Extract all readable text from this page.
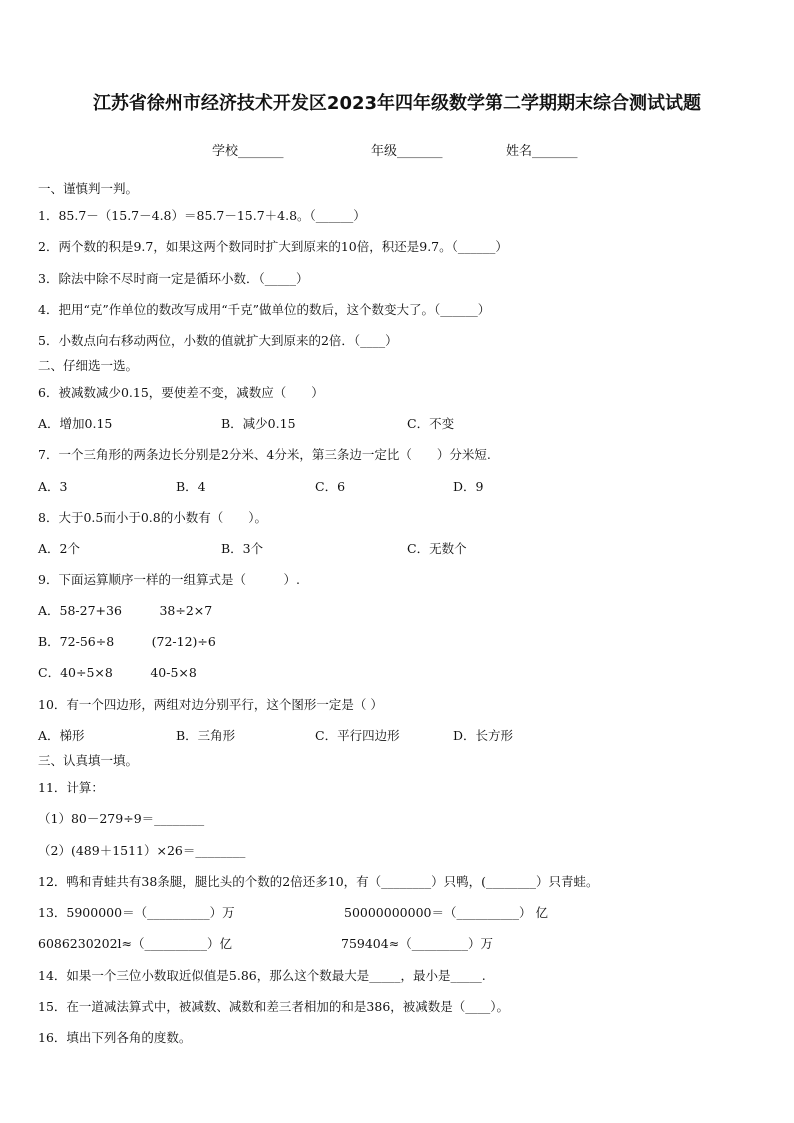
江苏省徐州市经济技术开发区2023年四年级数学第二学期期末综合测试试题
学校_______	年级_______	姓名_______
一、谨慎判一判。
1．85.7－（15.7－4.8）＝85.7－15.7＋4.8。（______）
2．两个数的积是9.7，如果这两个数同时扩大到原来的10倍，积还是9.7。（______）
3．除法中除不尽时商一定是循环小数．（_____）
4．把用“克”作单位的数改写成用“千克”做单位的数后，这个数变大了。（______）
5．小数点向右移动两位，小数的值就扩大到原来的2倍．（____）
二、仔细选一选。
6．被减数减少0.15，要使差不变，减数应（　　）
A．增加0.15	B．减少0.15	C．不变
7．一个三角形的两条边长分别是2分米、4分米，第三条边一定比（　　）分米短.
A．3	B．4	C．6	D．9
8．大于0.5而小于0.8的小数有（　　）。
A．2个	B．3个	C．无数个
9．下面运算顺序一样的一组算式是（　　　）.
A．58-27+36　　　38÷2×7
B．72-56÷8　　　(72-12)÷6
C．40÷5×8　　　40-5×8
10．有一个四边形，两组对边分别平行，这个图形一定是（ ）
A．梯形	B．三角形	C．平行四边形	D．长方形
三、认真填一填。
11．计算：
（1）80－279÷9＝________
（2）(489＋1511）×26＝________
12．鸭和青蛙共有38条腿，腿比头的个数的2倍还多10，有（________）只鸭，(________）只青蛙。
13．5900000＝（__________）万	50000000000＝（__________） 亿
6086230202l≈（__________）亿	759404≈（_________）万
14．如果一个三位小数取近似值是5.86，那么这个数最大是_____，最小是_____.
15．在一道减法算式中，被减数、减数和差三者相加的和是386，被减数是（____）。
16．填出下列各角的度数。
